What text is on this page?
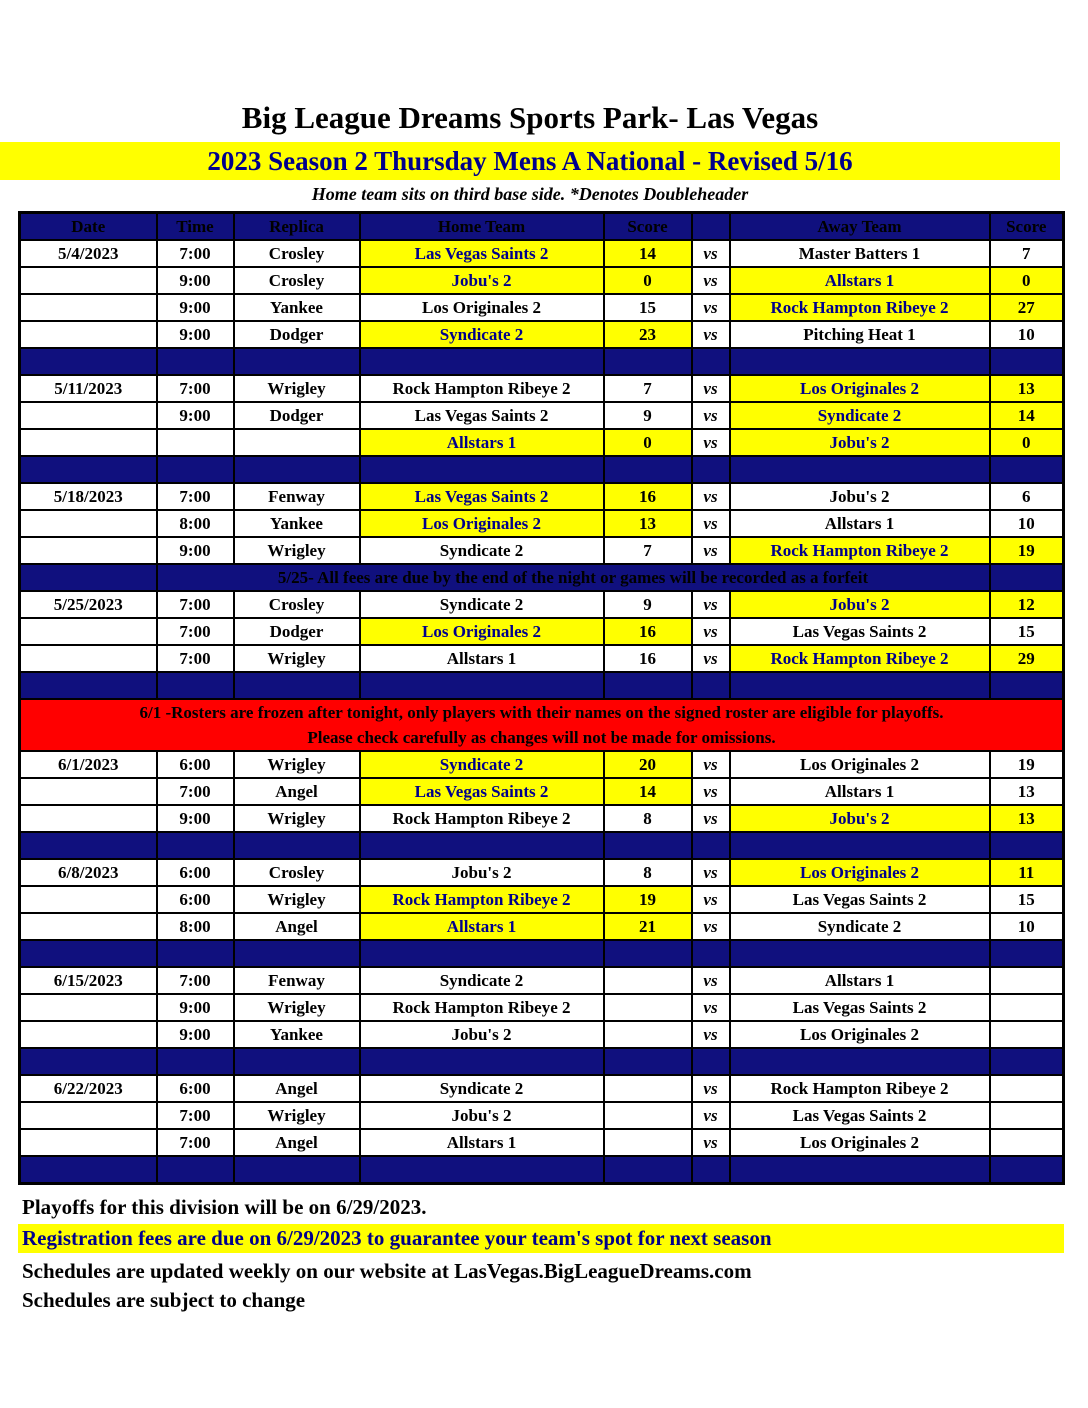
Big League Dreams Sports Park- Las Vegas
2023 Season 2 Thursday Mens A National - Revised 5/16
Home team sits on third base side. *Denotes Doubleheader
Date	Time	Replica	Home Team	Score		Away Team	Score
5/4/2023	7:00	Crosley	Las Vegas Saints 2	14	vs	Master Batters 1	7
	9:00	Crosley	Jobu's 2	0	vs	Allstars 1	0
	9:00	Yankee	Los Originales 2	15	vs	Rock Hampton Ribeye 2	27
	9:00	Dodger	Syndicate 2	23	vs	Pitching Heat 1	10

5/11/2023	7:00	Wrigley	Rock Hampton Ribeye 2	7	vs	Los Originales 2	13
	9:00	Dodger	Las Vegas Saints 2	9	vs	Syndicate 2	14
			Allstars 1	0	vs	Jobu's 2	0

5/18/2023	7:00	Fenway	Las Vegas Saints 2	16	vs	Jobu's 2	6
	8:00	Yankee	Los Originales 2	13	vs	Allstars 1	10
	9:00	Wrigley	Syndicate 2	7	vs	Rock Hampton Ribeye 2	19
	5/25- All fees are due by the end of the night or games will be recorded as a forfeit						
5/25/2023	7:00	Crosley	Syndicate 2	9	vs	Jobu's 2	12
	7:00	Dodger	Los Originales 2	16	vs	Las Vegas Saints 2	15
	7:00	Wrigley	Allstars 1	16	vs	Rock Hampton Ribeye 2	29

6/1 -Rosters are frozen after tonight, only players with their names on the signed roster are eligible for playoffs.
Please check carefully as changes will not be made for omissions.							

6/1/2023	6:00	Wrigley	Syndicate 2	20	vs	Los Originales 2	19
	7:00	Angel	Las Vegas Saints 2	14	vs	Allstars 1	13
	9:00	Wrigley	Rock Hampton Ribeye 2	8	vs	Jobu's 2	13

6/8/2023	6:00	Crosley	Jobu's 2	8	vs	Los Originales 2	11
	6:00	Wrigley	Rock Hampton Ribeye 2	19	vs	Las Vegas Saints 2	15
	8:00	Angel	Allstars 1	21	vs	Syndicate 2	10

6/15/2023	7:00	Fenway	Syndicate 2		vs	Allstars 1	
	9:00	Wrigley	Rock Hampton Ribeye 2		vs	Las Vegas Saints 2	
	9:00	Yankee	Jobu's 2		vs	Los Originales 2	

6/22/2023	6:00	Angel	Syndicate 2		vs	Rock Hampton Ribeye 2	
	7:00	Wrigley	Jobu's 2		vs	Las Vegas Saints 2	
	7:00	Angel	Allstars 1		vs	Los Originales 2	

Playoffs for this division will be on 6/29/2023.
Registration fees are due on 6/29/2023 to guarantee your team's spot for next season
Schedules are updated weekly on our website at LasVegas.BigLeagueDreams.com
Schedules are subject to change
